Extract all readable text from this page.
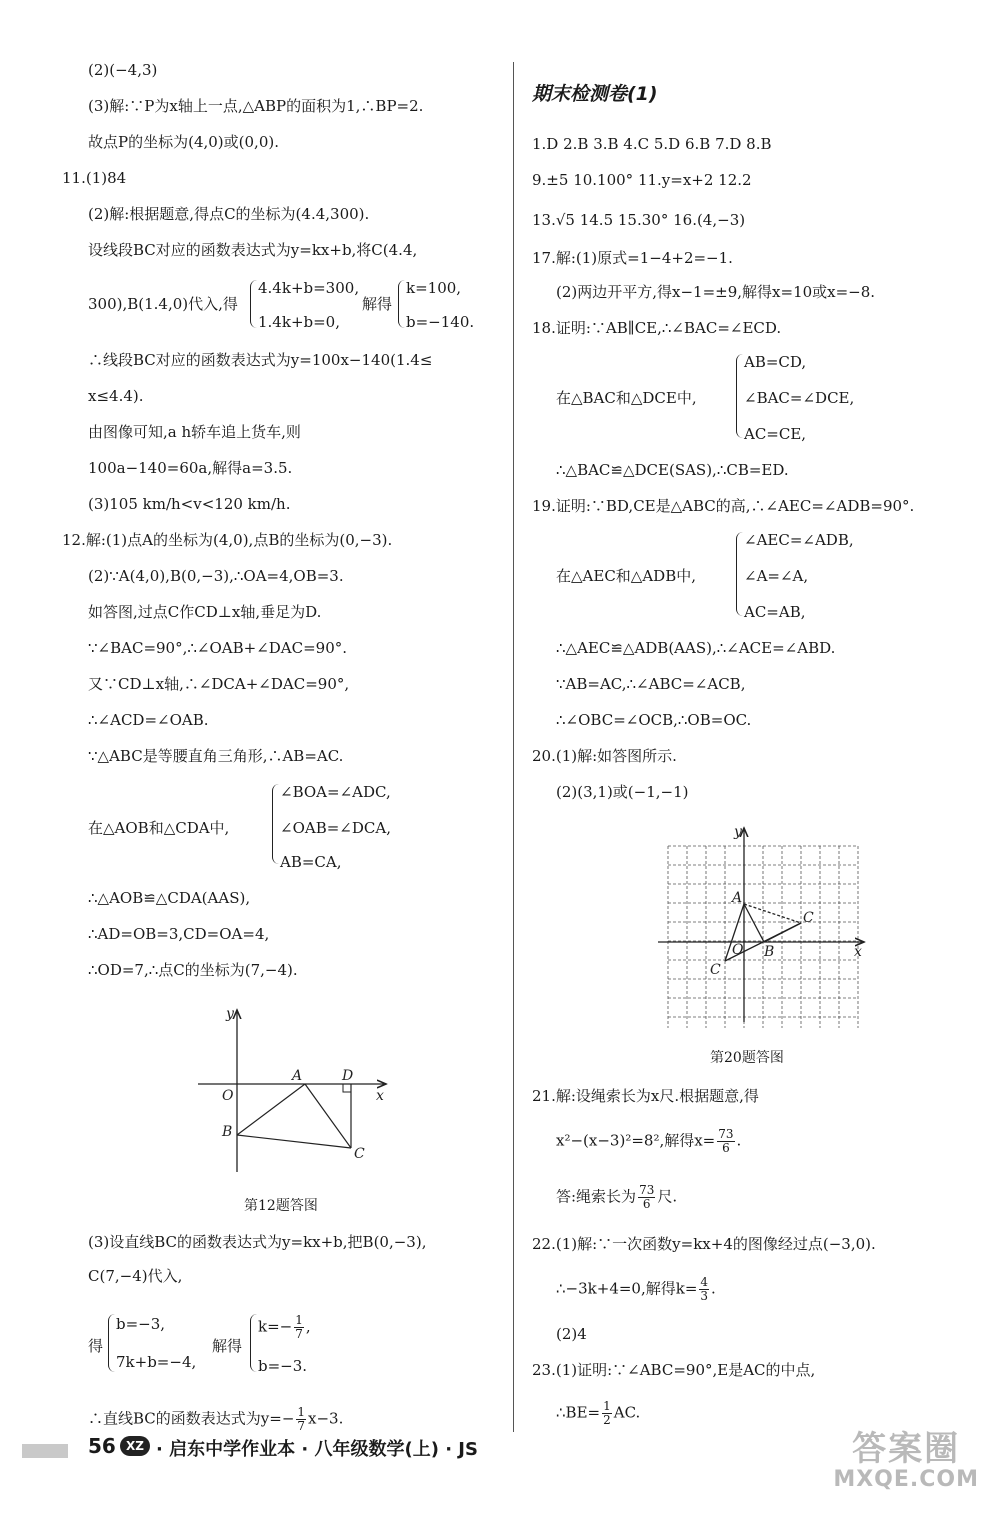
(2)(−4,3)
(3)解:∵P为x轴上一点,△ABP的面积为1,∴BP=2.
故点P的坐标为(4,0)或(0,0).
11.(1)84
(2)解:根据题意,得点C的坐标为(4.4,300).
设线段BC对应的函数表达式为y=kx+b,将C(4.4,
300),B(1.4,0)代入,得
4.4k+b=300,
1.4k+b=0,
解得
k=100,
b=−140.
∴线段BC对应的函数表达式为y=100x−140(1.4≤
x≤4.4).
由图像可知,a h轿车追上货车,则
100a−140=60a,解得a=3.5.
(3)105 km/h<v<120 km/h.
12.解:(1)点A的坐标为(4,0),点B的坐标为(0,−3).
(2)∵A(4,0),B(0,−3),∴OA=4,OB=3.
如答图,过点C作CD⊥x轴,垂足为D.
∵∠BAC=90°,∴∠OAB+∠DAC=90°.
又∵CD⊥x轴,∴∠DCA+∠DAC=90°,
∴∠ACD=∠OAB.
∵△ABC是等腰直角三角形,∴AB=AC.
∠BOA=∠ADC,
在△AOB和△CDA中,	∠OAB=∠DCA,
AB=CA,
∴△AOB≌△CDA(AAS),
∴AD=OB=3,CD=OA=4,
∴OD=7,∴点C的坐标为(7,−4).
y
x
O
A	D
B
C
第12题答图
(3)设直线BC的函数表达式为y=kx+b,把B(0,−3),
C(7,−4)代入,
得
b=−3,
7k+b=−4,
解得
$k=- \frac{1}{7}$ ,
b=−3.
∴直线BC的函数表达式为$y=- \frac{1}{7} x-3$.
期末检测卷(1)
1.D 2.B 3.B 4.C 5.D 6.B 7.D 8.B
9.±5 10.100° 11.y=x+2 12.2
13.√5 14.5 15.30° 16.(4,−3)
17.解:(1)原式=1−4+2=−1.
(2)两边开平方,得x−1=±9,解得x=10或x=−8.
18.证明:∵AB∥CE,∴∠BAC=∠ECD.
AB=CD,
在△BAC和△DCE中,	∠BAC=∠DCE,
AC=CE,
∴△BAC≌△DCE(SAS),∴CB=ED.
19.证明:∵BD,CE是△ABC的高,∴∠AEC=∠ADB=90°.
∠AEC=∠ADB,
在△AEC和△ADB中,	∠A=∠A,
AC=AB,
∴△AEC≌△ADB(AAS),∴∠ACE=∠ABD.
∵AB=AC,∴∠ABC=∠ACB,
∴∠OBC=∠OCB,∴OB=OC.
20.(1)解:如答图所示.
(2)(3,1)或(−1,−1)
y
x
O
A
B
C
C
第20题答图
21.解:设绳索长为x尺.根据题意,得
x²−(x−3)²=8²,解得$x= \frac{73}{6}$ .
答:绳索长为 $\frac{73}{6}$ 尺.
22.(1)解:∵一次函数y=kx+4的图像经过点(−3,0).
∴−3k+4=0,解得$k= \frac{4}{3}$ .
(2)4
23.(1)证明:∵∠ABC=90°,E是AC的中点,
∴BE= $\frac{1}{2}$ AC.
56 XZ · 启东中学作业本 · 八年级数学(上) · JS	答案圈
MXQE.COM
